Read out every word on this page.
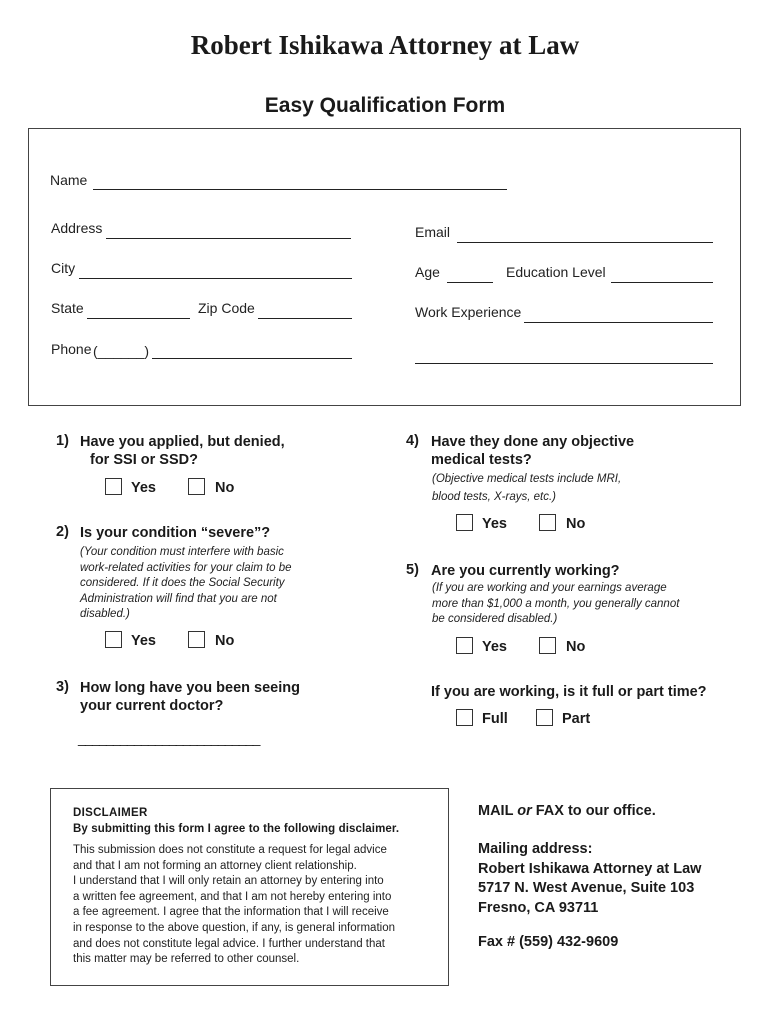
Robert Ishikawa Attorney at Law
Easy Qualification Form
Name
Address
City
State	Zip Code
Phone (______)
Email
Age	Education Level
Work Experience
1) Have you applied, but denied,
for SSI or SSD?
Yes	No
2) Is your condition “severe”?
(Your condition must interfere with basic
work-related activities for your claim to be
considered. If it does the Social Security
Administration will find that you are not
disabled.)
Yes	No
3) How long have you been seeing
your current doctor?
__________________________
4) Have they done any objective
medical tests?
(Objective medical tests include MRI,
blood tests, X-rays, etc.)
Yes	No
5) Are you currently working?
(If you are working and your earnings average
more than $1,000 a month, you generally cannot
be considered disabled.)
Yes	No
If you are working, is it full or part time?
Full	Part
DISCLAIMER
By submitting this form I agree to the following disclaimer.
This submission does not constitute a request for legal advice
and that I am not forming an attorney client relationship.
I understand that I will only retain an attorney by entering into
a written fee agreement, and that I am not hereby entering into
a fee agreement. I agree that the information that I will receive
in response to the above question, if any, is general information
and does not constitute legal advice. I further understand that
this matter may be referred to other counsel.
MAIL or FAX to our office.
Mailing address:
Robert Ishikawa Attorney at Law
5717 N. West Avenue, Suite 103
Fresno, CA 93711
Fax # (559) 432-9609
